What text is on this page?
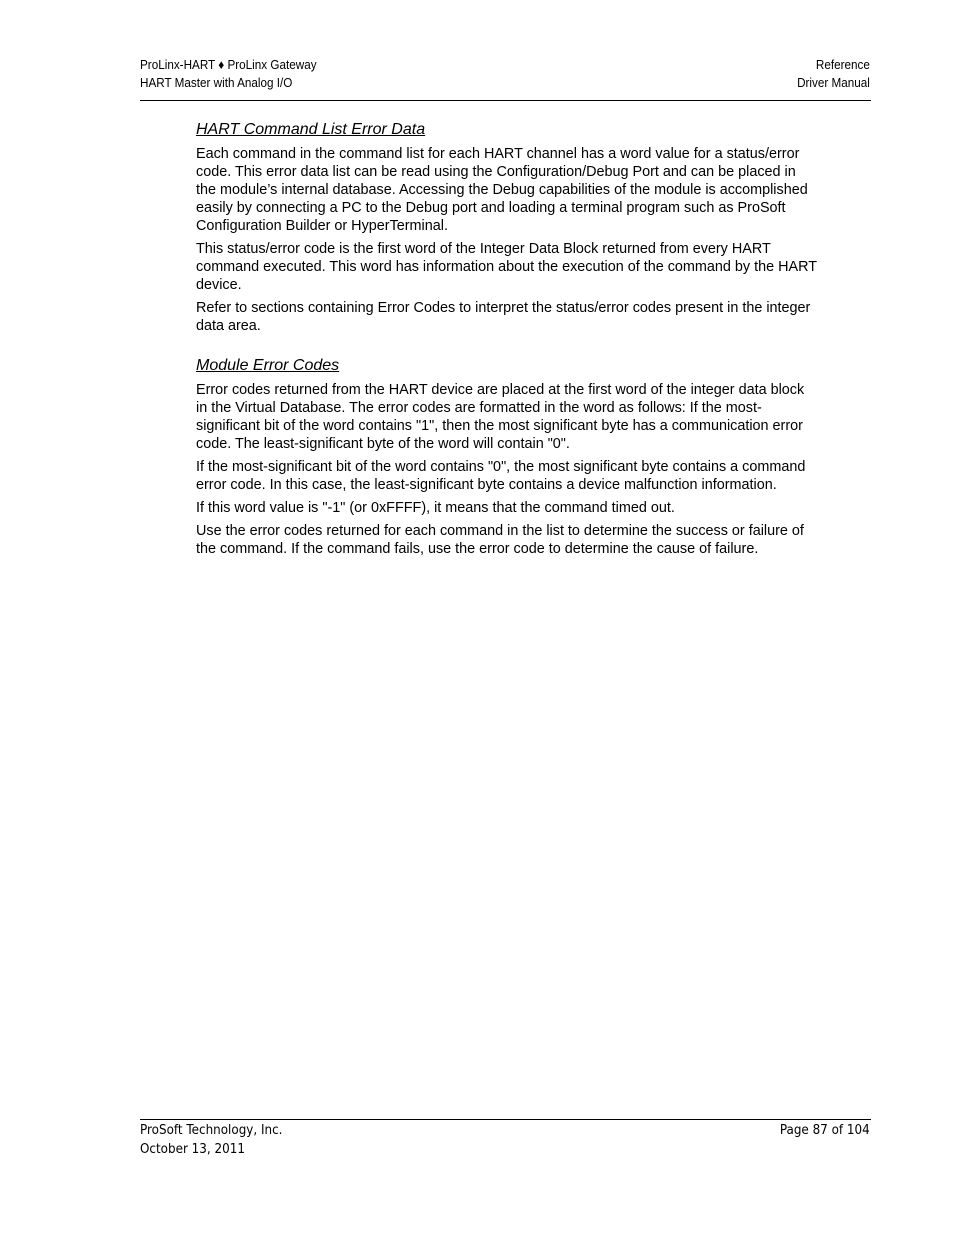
ProLinx-HART ♦ ProLinx Gateway
HART Master with Analog I/O
Reference
Driver Manual
HART Command List Error Data

Each command in the command list for each HART channel has a word value for a status/error code. This error data list can be read using the Configuration/Debug Port and can be placed in the module’s internal database. Accessing the Debug capabilities of the module is accomplished easily by connecting a PC to the Debug port and loading a terminal program such as ProSoft Configuration Builder or HyperTerminal.

This status/error code is the first word of the Integer Data Block returned from every HART command executed. This word has information about the execution of the command by the HART device.

Refer to sections containing Error Codes to interpret the status/error codes present in the integer data area.

Module Error Codes

Error codes returned from the HART device are placed at the first word of the integer data block in the Virtual Database. The error codes are formatted in the word as follows: If the most-significant bit of the word contains "1", then the most significant byte has a communication error code. The least-significant byte of the word will contain "0".

If the most-significant bit of the word contains "0", the most significant byte contains a command error code. In this case, the least-significant byte contains a device malfunction information.

If this word value is "-1" (or 0xFFFF), it means that the command timed out.

Use the error codes returned for each command in the list to determine the success or failure of the command. If the command fails, use the error code to determine the cause of failure.

ProSoft Technology, Inc.
October 13, 2011
Page 87 of 104
